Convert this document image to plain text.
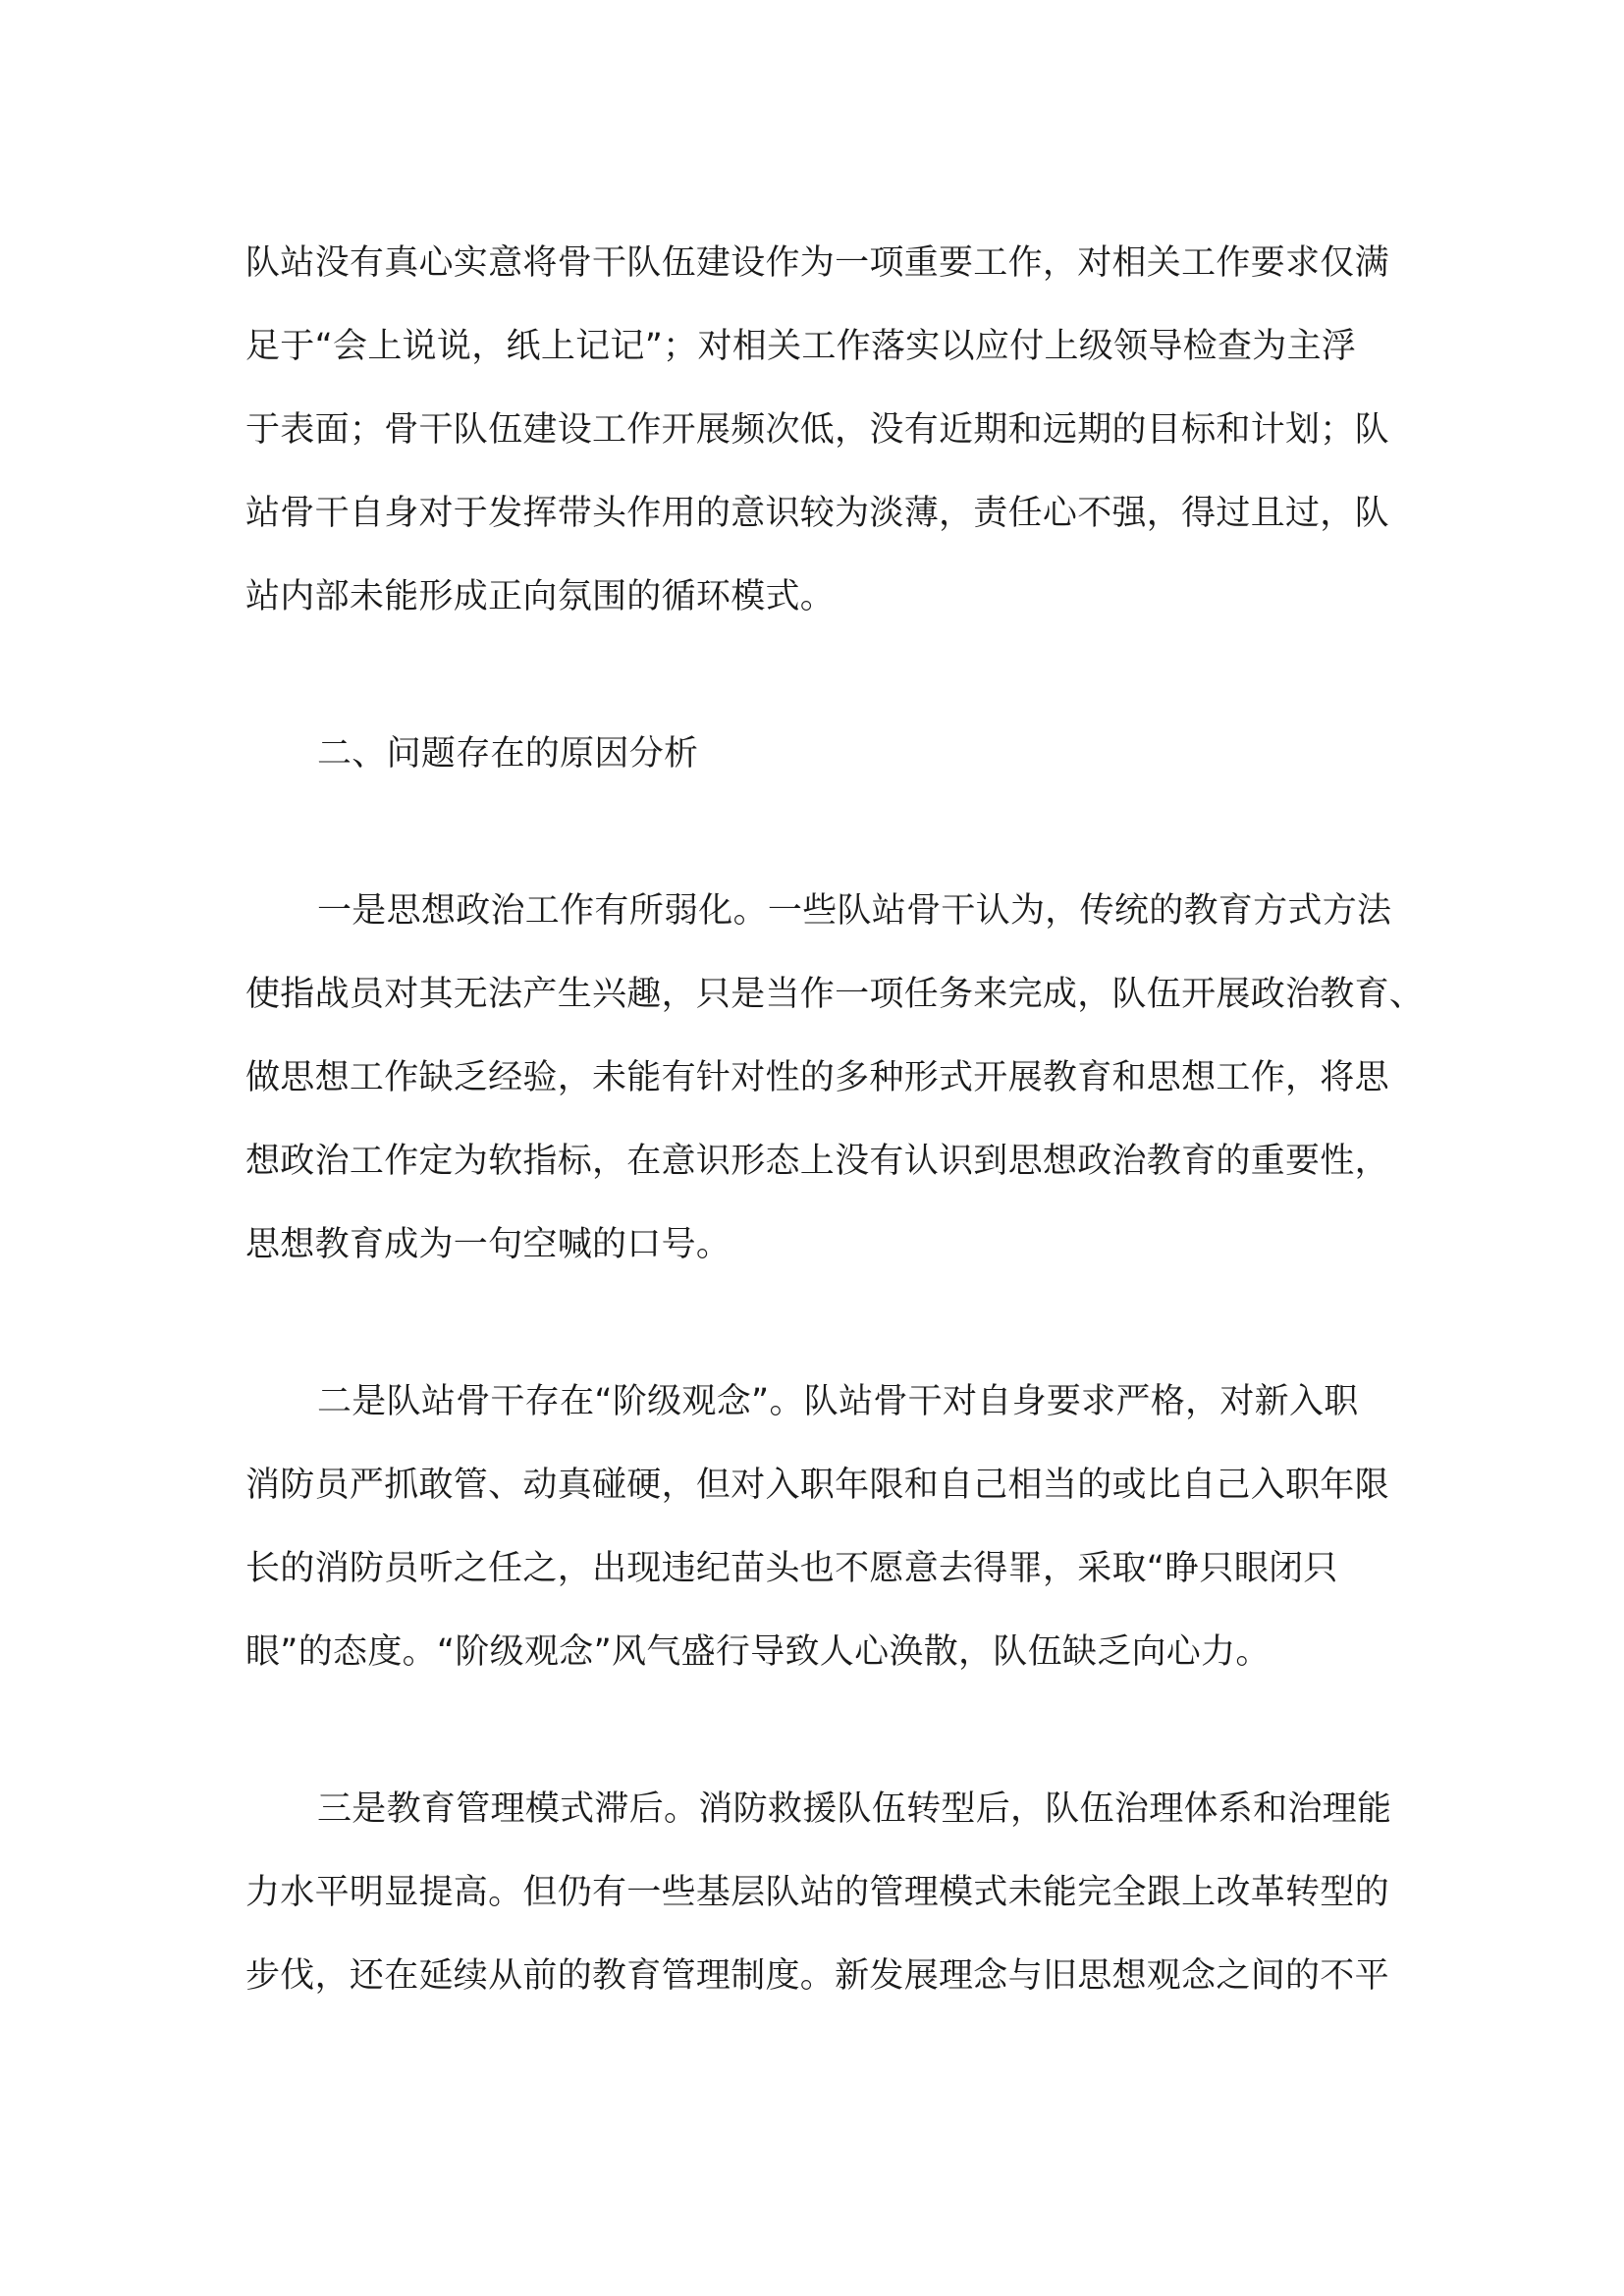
队站没有真心实意将骨干队伍建设作为一项重要工作，对相关工作要求仅满
足于“会上说说，纸上记记”；对相关工作落实以应付上级领导检查为主浮
于表面；骨干队伍建设工作开展频次低，没有近期和远期的目标和计划；队
站骨干自身对于发挥带头作用的意识较为淡薄，责任心不强，得过且过，队
站内部未能形成正向氛围的循环模式。
二、问题存在的原因分析
一是思想政治工作有所弱化。一些队站骨干认为，传统的教育方式方法
使指战员对其无法产生兴趣，只是当作一项任务来完成，队伍开展政治教育、
做思想工作缺乏经验，未能有针对性的多种形式开展教育和思想工作，将思
想政治工作定为软指标，在意识形态上没有认识到思想政治教育的重要性，
思想教育成为一句空喊的口号。
二是队站骨干存在“阶级观念”。队站骨干对自身要求严格，对新入职
消防员严抓敢管、动真碰硬，但对入职年限和自己相当的或比自己入职年限
长的消防员听之任之，出现违纪苗头也不愿意去得罪，采取“睁只眼闭只
眼”的态度。“阶级观念”风气盛行导致人心涣散，队伍缺乏向心力。
三是教育管理模式滞后。消防救援队伍转型后，队伍治理体系和治理能
力水平明显提高。但仍有一些基层队站的管理模式未能完全跟上改革转型的
步伐，还在延续从前的教育管理制度。新发展理念与旧思想观念之间的不平
